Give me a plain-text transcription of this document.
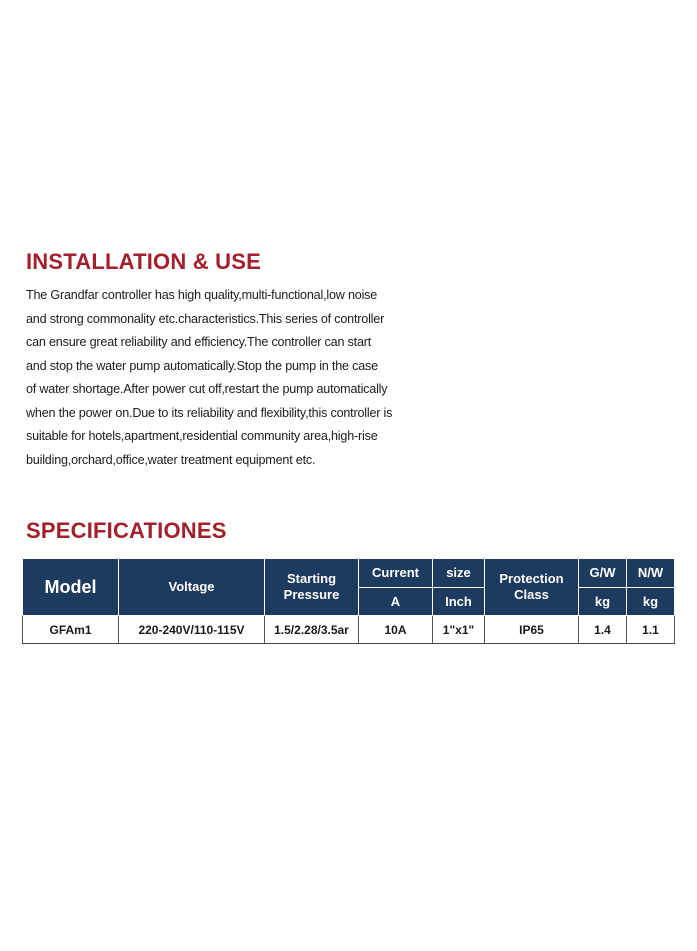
INSTALLATION & USE
The Grandfar controller has high quality,multi-functional,low noise
and strong commonality etc.characteristics.This series of controller
can ensure great reliability and efficiency.The controller can start
and stop the water pump automatically.Stop the pump in the case
of water shortage.After power cut off,restart the pump automatically
when the power on.Due to its reliability and flexibility,this controller is
suitable for hotels,apartment,residential community area,high-rise
building,orchard,office,water treatment equipment etc.
SPECIFICATIONES
Model	Voltage	Starting
Pressure	Current	size	Protection
Class	G/W	N/W
			A	Inch		kg	kg
GFAm1	220-240V/110-115V	1.5/2.28/3.5ar	10A	1"x1"	IP65	1.4	1.1
